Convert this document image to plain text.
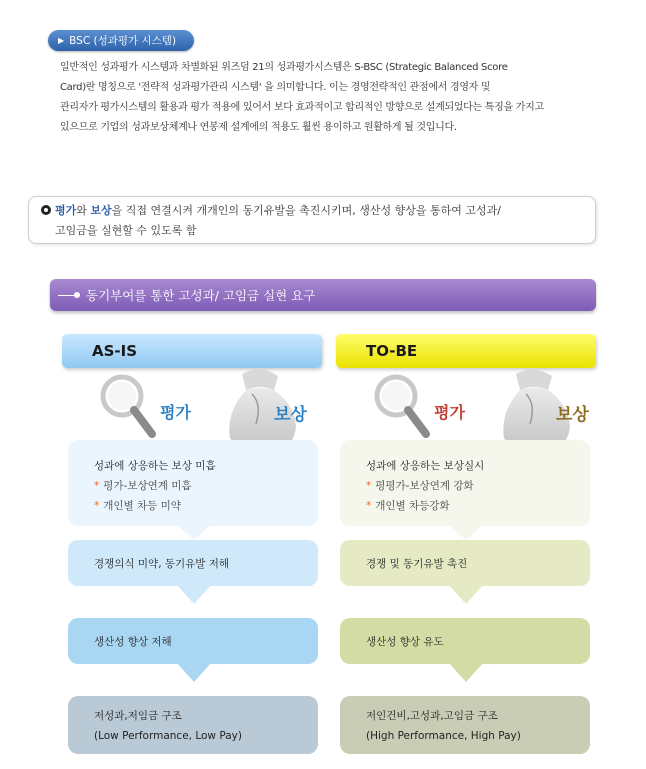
▶ BSC (성과평가 시스템)
일반적인 성과평가 시스템과 차별화된 위즈덤 21의 성과평가시스템은 S-BSC (Strategic Balanced Score
Card)란 명칭으로 '전략적 성과평가관리 시스템' 을 의미합니다. 이는 경영전략적인 관점에서 경영자 및
관리자가 평가시스템의 활용과 평가 적용에 있어서 보다 효과적이고 합리적인 방향으로 설계되었다는 특징을 가지고
있으므로 기업의 성과보상체계나 연봉제 설계에의 적용도 훨씬 용이하고 원활하게 될 것입니다.
평가와 보상을 직접 연결시켜 개개인의 동기유발을 촉진시키며, 생산성 향상을 통하여 고성과/
고임금을 실현할 수 있도록 함
동기부여를 통한 고성과/ 고임금 실현 요구
AS-IS	TO-BE
평가	보상	평가	보상
성과에 상응하는 보상 미흡
* 평가-보상연계 미흡
* 개인별 차등 미약
경쟁의식 미약, 동기유발 저해
생산성 향상 저해
저성과,저임금 구조
(Low Performance, Low Pay)
성과에 상응하는 보상실시
* 평평가-보상연계 강화
* 개인별 차등강화
경쟁 및 동기유발 촉진
생산성 향상 유도
저인건비,고성과,고임금 구조
(High Performance, High Pay)
